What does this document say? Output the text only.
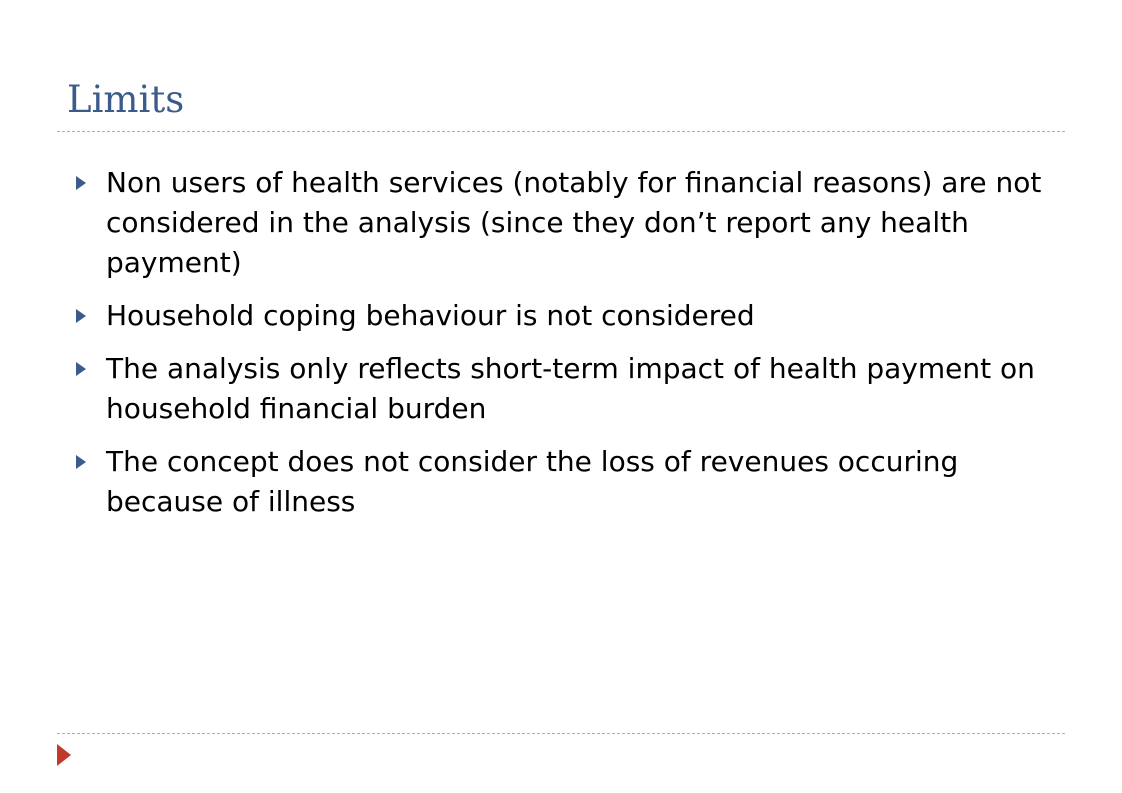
Limits
Non users of health services (notably for financial reasons) are not considered in the analysis (since they don’t report any health payment)
Household coping behaviour is not considered
The analysis only reflects short-term impact of health payment on household financial burden
The concept does not consider the loss of revenues occuring because of illness
